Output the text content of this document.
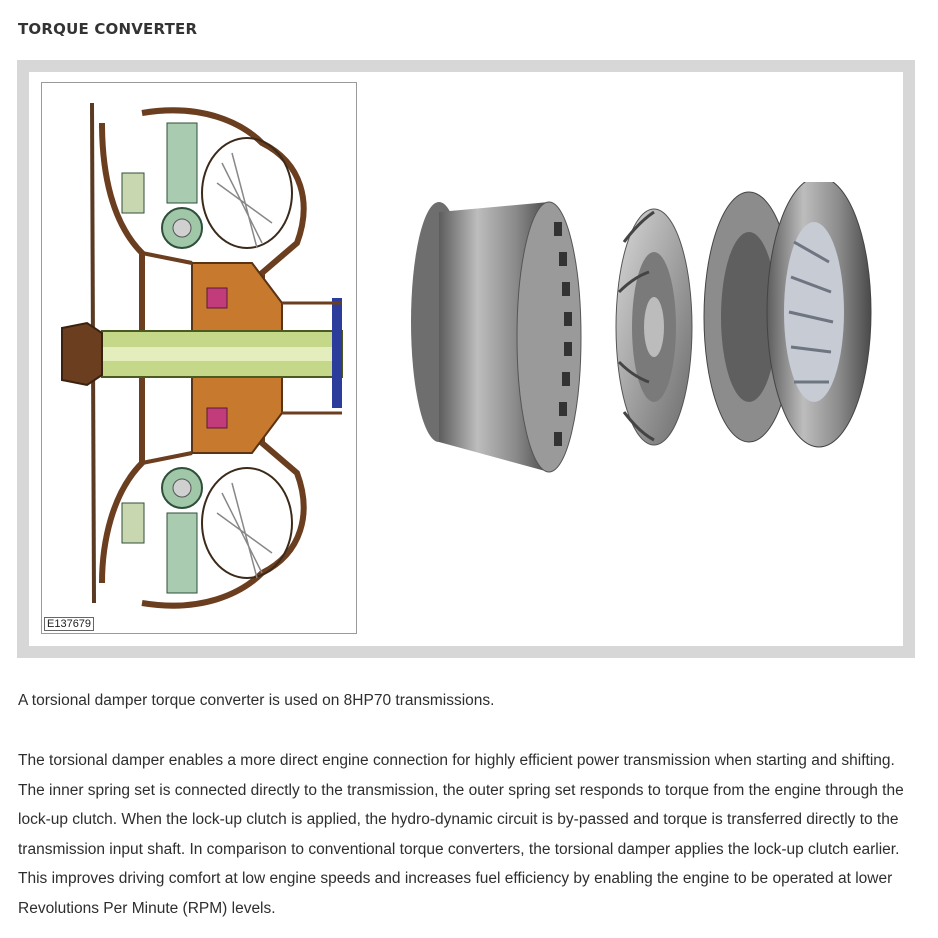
TORQUE CONVERTER
E137679

A torsional damper torque converter is used on 8HP70 transmissions.

The torsional damper enables a more direct engine connection for highly efficient power transmission when starting and shifting. The inner spring set is connected directly to the transmission, the outer spring set responds to torque from the engine through the lock-up clutch. When the lock-up clutch is applied, the hydro-dynamic circuit is by-passed and torque is transferred directly to the transmission input shaft. In comparison to conventional torque converters, the torsional damper applies the lock-up clutch earlier. This improves driving comfort at low engine speeds and increases fuel efficiency by enabling the engine to be operated at lower Revolutions Per Minute (RPM) levels.
